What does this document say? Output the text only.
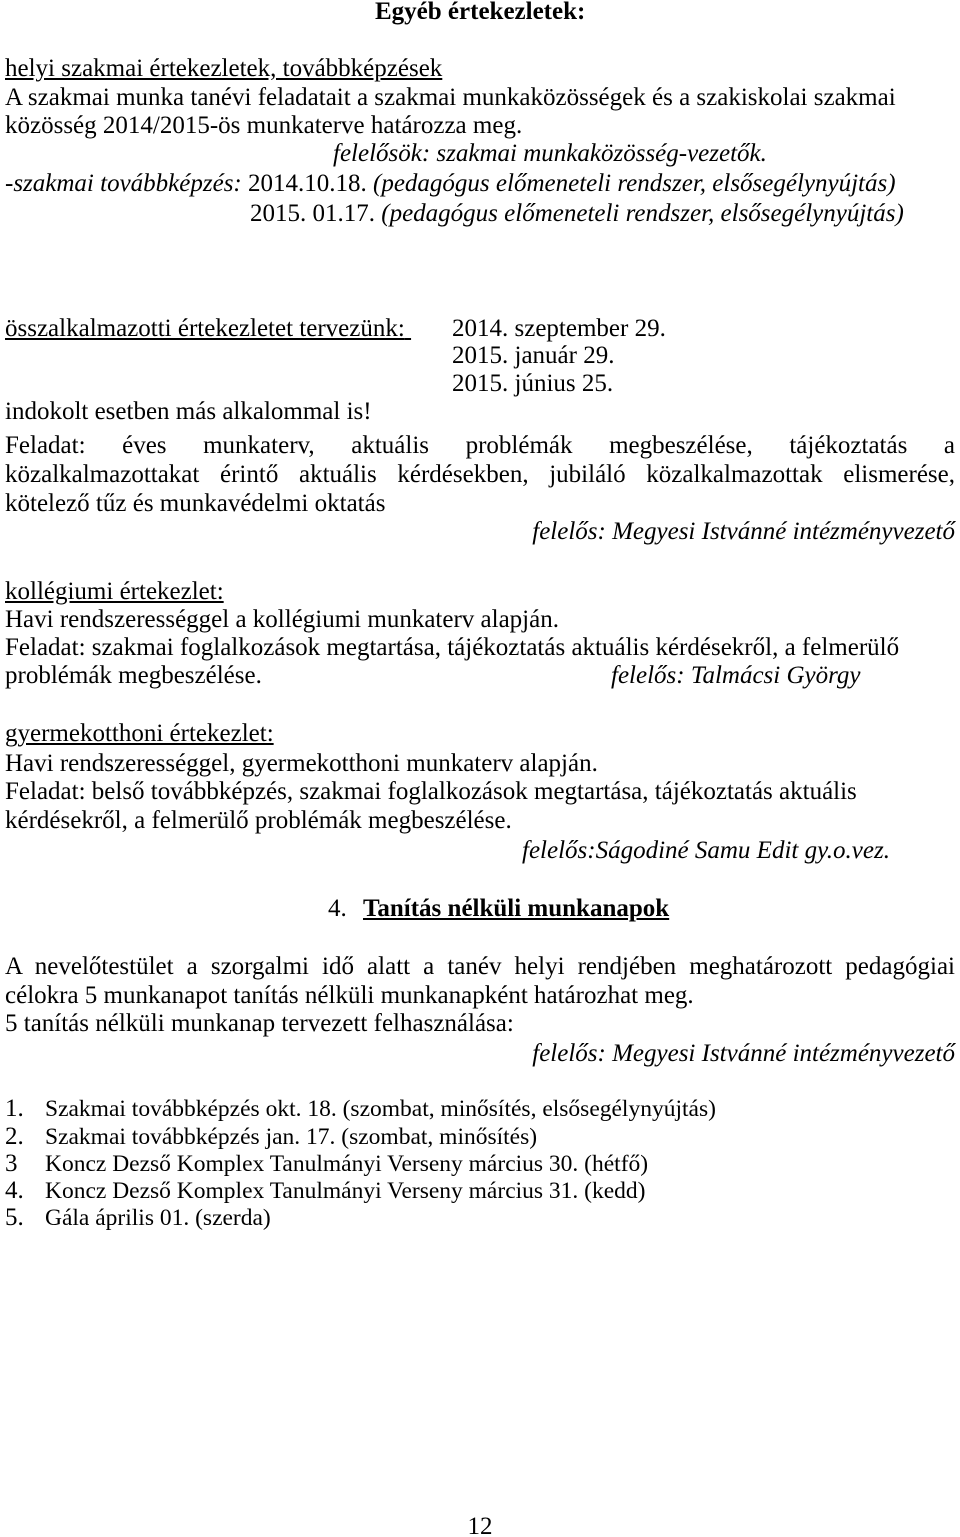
Egyéb értekezletek:
helyi szakmai értekezletek, továbbképzések
A szakmai munka tanévi feladatait a szakmai munkaközösségek és a szakiskolai szakmai
közösség 2014/2015-ös munkaterve határozza meg.
felelősök: szakmai munkaközösség-vezetők.
-szakmai továbbképzés: 2014.10.18. (pedagógus előmeneteli rendszer, elsősegélynyújtás)
2015. 01.17. (pedagógus előmeneteli rendszer, elsősegélynyújtás)
összalkalmazotti értekezletet tervezünk: 2014. szeptember 29.
2015. január 29.
2015. június 25.
indokolt esetben más alkalommal is!
Feladat: éves munkaterv, aktuális problémák megbeszélése, tájékoztatás a
közalkalmazottakat érintő aktuális kérdésekben, jubiláló közalkalmazottak elismerése,
kötelező tűz és munkavédelmi oktatás
felelős: Megyesi Istvánné intézményvezető
kollégiumi értekezlet:
Havi rendszerességgel a kollégiumi munkaterv alapján.
Feladat: szakmai foglalkozások megtartása, tájékoztatás aktuális kérdésekről, a felmerülő
problémák megbeszélése.	felelős: Talmácsi György
gyermekotthoni értekezlet:
Havi rendszerességgel, gyermekotthoni munkaterv alapján.
Feladat: belső továbbképzés, szakmai foglalkozások megtartása, tájékoztatás aktuális
kérdésekről, a felmerülő problémák megbeszélése.
felelős:Ságodiné Samu Edit gy.o.vez.
4. Tanítás nélküli munkanapok
A nevelőtestület a szorgalmi idő alatt a tanév helyi rendjében meghatározott pedagógiai
célokra 5 munkanapot tanítás nélküli munkanapként határozhat meg.
5 tanítás nélküli munkanap tervezett felhasználása:
felelős: Megyesi Istvánné intézményvezető
1. Szakmai továbbképzés okt. 18. (szombat, minősítés, elsősegélynyújtás)
2. Szakmai továbbképzés jan. 17. (szombat, minősítés)
3 Koncz Dezső Komplex Tanulmányi Verseny március 30. (hétfő)
4. Koncz Dezső Komplex Tanulmányi Verseny március 31. (kedd)
5. Gála április 01. (szerda)
12
